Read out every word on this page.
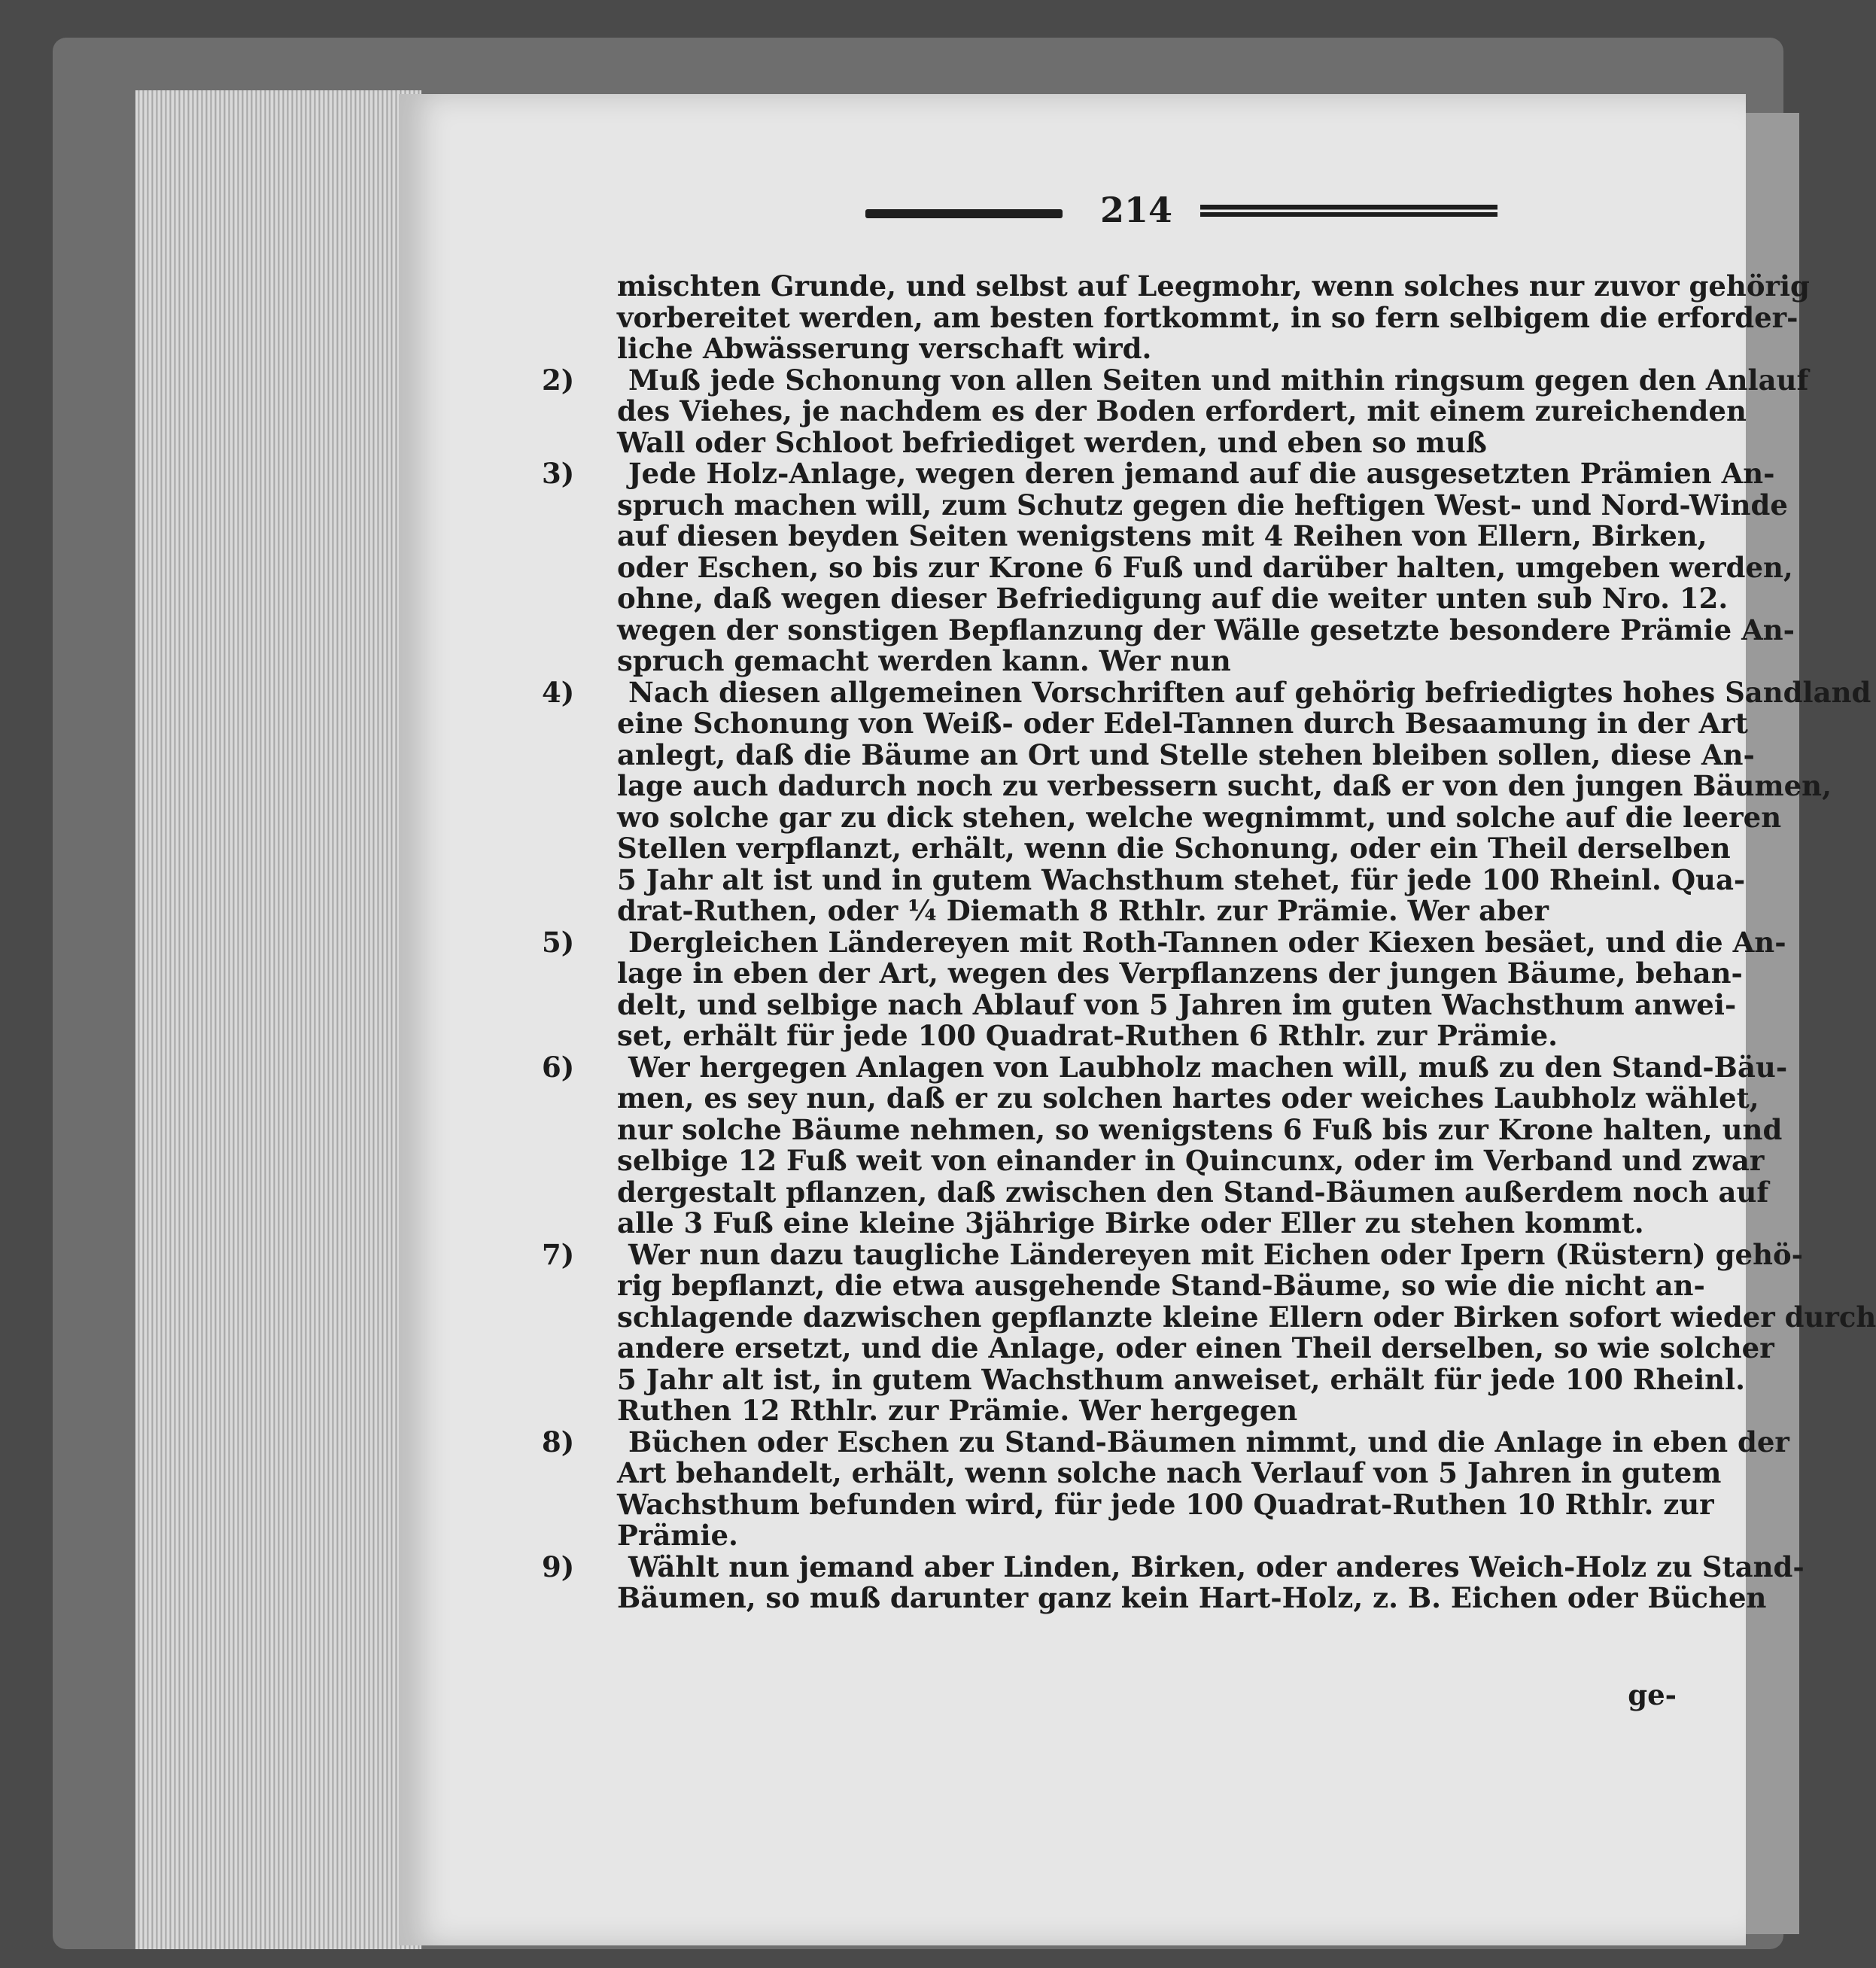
214
mischten Grunde, und selbst auf Leegmohr, wenn solches nur zuvor gehörig
vorbereitet werden, am besten fortkommt, in so fern selbigem die erforder-
liche Abwässerung verschaft wird.
2) Muß jede Schonung von allen Seiten und mithin ringsum gegen den Anlauf
des Viehes, je nachdem es der Boden erfordert, mit einem zureichenden
Wall oder Schloot befriediget werden, und eben so muß
3) Jede Holz-Anlage, wegen deren jemand auf die ausgesetzten Prämien An-
spruch machen will, zum Schutz gegen die heftigen West- und Nord-Winde
auf diesen beyden Seiten wenigstens mit 4 Reihen von Ellern, Birken,
oder Eschen, so bis zur Krone 6 Fuß und darüber halten, umgeben werden,
ohne, daß wegen dieser Befriedigung auf die weiter unten sub Nro. 12.
wegen der sonstigen Bepflanzung der Wälle gesetzte besondere Prämie An-
spruch gemacht werden kann. Wer nun
4) Nach diesen allgemeinen Vorschriften auf gehörig befriedigtes hohes Sandland
eine Schonung von Weiß- oder Edel-Tannen durch Besaamung in der Art
anlegt, daß die Bäume an Ort und Stelle stehen bleiben sollen, diese An-
lage auch dadurch noch zu verbessern sucht, daß er von den jungen Bäumen,
wo solche gar zu dick stehen, welche wegnimmt, und solche auf die leeren
Stellen verpflanzt, erhält, wenn die Schonung, oder ein Theil derselben
5 Jahr alt ist und in gutem Wachsthum stehet, für jede 100 Rheinl. Qua-
drat-Ruthen, oder ¼ Diemath 8 Rthlr. zur Prämie. Wer aber
5) Dergleichen Ländereyen mit Roth-Tannen oder Kiexen besäet, und die An-
lage in eben der Art, wegen des Verpflanzens der jungen Bäume, behan-
delt, und selbige nach Ablauf von 5 Jahren im guten Wachsthum anwei-
set, erhält für jede 100 Quadrat-Ruthen 6 Rthlr. zur Prämie.
6) Wer hergegen Anlagen von Laubholz machen will, muß zu den Stand-Bäu-
men, es sey nun, daß er zu solchen hartes oder weiches Laubholz wählet,
nur solche Bäume nehmen, so wenigstens 6 Fuß bis zur Krone halten, und
selbige 12 Fuß weit von einander in Quincunx, oder im Verband und zwar
dergestalt pflanzen, daß zwischen den Stand-Bäumen außerdem noch auf
alle 3 Fuß eine kleine 3jährige Birke oder Eller zu stehen kommt.
7) Wer nun dazu taugliche Ländereyen mit Eichen oder Ipern (Rüstern) gehö-
rig bepflanzt, die etwa ausgehende Stand-Bäume, so wie die nicht an-
schlagende dazwischen gepflanzte kleine Ellern oder Birken sofort wieder durch
andere ersetzt, und die Anlage, oder einen Theil derselben, so wie solcher
5 Jahr alt ist, in gutem Wachsthum anweiset, erhält für jede 100 Rheinl.
Ruthen 12 Rthlr. zur Prämie. Wer hergegen
8) Büchen oder Eschen zu Stand-Bäumen nimmt, und die Anlage in eben der
Art behandelt, erhält, wenn solche nach Verlauf von 5 Jahren in gutem
Wachsthum befunden wird, für jede 100 Quadrat-Ruthen 10 Rthlr. zur
Prämie.
9) Wählt nun jemand aber Linden, Birken, oder anderes Weich-Holz zu Stand-
Bäumen, so muß darunter ganz kein Hart-Holz, z. B. Eichen oder Büchen
ge-
